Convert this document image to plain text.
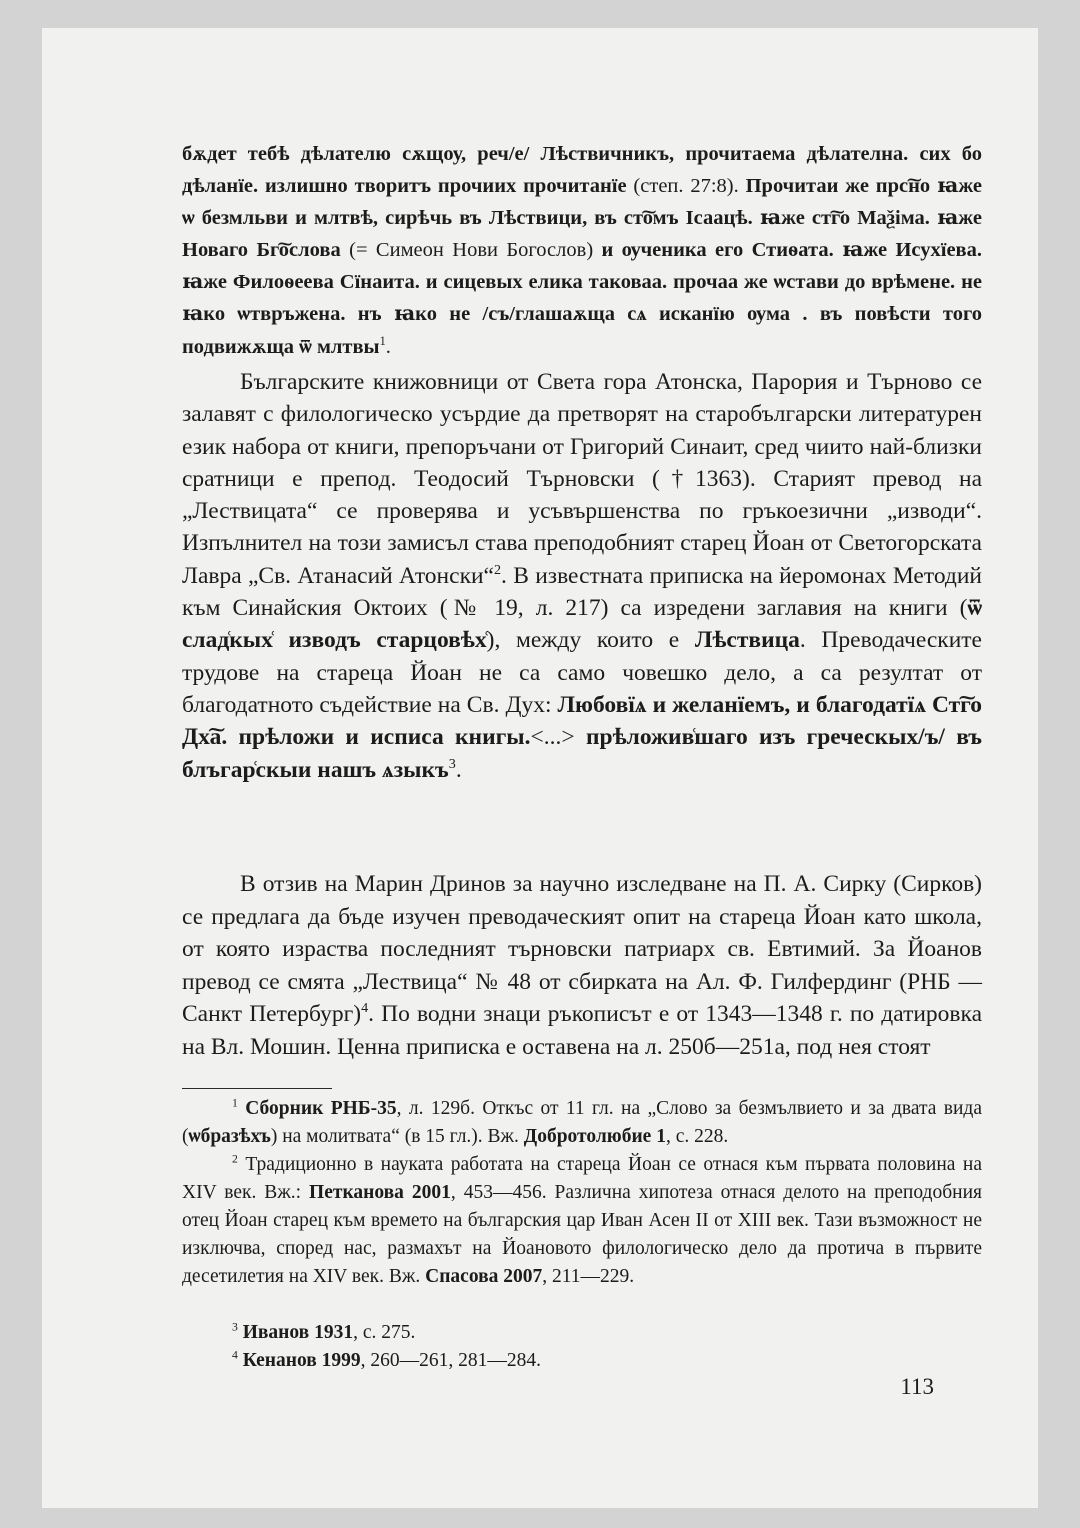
бѫдет тебѣ дѣлателю сѫщоу, реч/е/ Лѣствичникъ, прочитаема дѣлателна. сих бо дѣланїе. излишно творитъ прочиих прочитанїе (степ. 27:8). Прочитаи же прс͠но ꙗже ѡ безмльви и млтвѣ, сирѣчь въ Лѣствици, въ ст͠омъ Ісаацѣ. ꙗже ст͠го Маѯіма. ꙗже Новаго Бг͠ослова (= Симеон Нови Богослов) и ѹченика его Стиѳата. ꙗже Исухїева. ꙗже Филоѳеева Сїнаита. и сицевых елика таковаа. прочаа же ѡстави до врѣмене. не ꙗко ѡтвръжена. нъ ꙗко не /съ/глашаѫща сѧ исканїю ѹма . въ повѣсти того подвижѫща ѿ млтвы$^1$.

Българските книжовници от Света гора Атонска, Парория и Търново се залавят с филологическо усърдие да претворят на старобългарски литературен език набора от книги, препоръчани от Григорий Синаит, сред чиито най-близки сратници е препод. Теодосий Търновски (†1363). Старият превод на „Лествицата“ се проверява и усъвършенства по гръкоезични „изводи“. Изпълнител на този замисъл става преподобният старец Йоан от Светогорската Лавра „Св. Атанасий Атонски“$^2$. В известната приписка на йеромонах Методий към Синайския Октоих (№ 19, л. 217) са изредени заглавия на книги (ѿ слад͑кых͑ изводъ старцовѣх͑), между които е Лѣствица. Преводаческите трудове на стареца Йоан не са само човешко дело, а са резултат от благодатното съдействие на Св. Дух: Любовїѧ и желанїемъ, и благодатїѧ Ст͠го Дх͠а. прѣложи и исписа книгы.<...> прѣложив͑шаго изъ греческых/ъ/ въ блъгар͑скыи нашъ ѧзыкъ$^3$.

В отзив на Марин Дринов за научно изследване на П. А. Сирку (Сирков) се предлага да бъде изучен преводаческият опит на стареца Йоан като школа, от която израства последният търновски патриарх св. Евтимий. За Йоанов превод се смята „Лествица“ № 48 от сбирката на Ал. Ф. Гилфердинг (РНБ — Санкт Петербург)$^4$. По водни знаци ръкописът е от 1343—1348 г. по датировка на Вл. Мошин. Ценна приписка е оставена на л. 250б—251а, под нея стоят

$^1$ Сборник РНБ-35, л. 129б. Откъс от 11 гл. на „Слово за безмълвието и за двата вида (ѡбразѣхъ) на молитвата“ (в 15 гл.). Вж. Добротолюбие 1, с. 228.

$^2$ Традиционно в науката работата на стареца Йоан се отнася към първата половина на XIV век. Вж.: Петканова 2001, 453—456. Различна хипотеза отнася делото на преподобния отец Йоан старец към времето на българския цар Иван Асен II от XIII век. Тази възможност не изключва, според нас, размахът на Йоановото филологическо дело да протича в първите десетилетия на XIV век. Вж. Спасова 2007, 211—229.

$^3$ Иванов 1931, с. 275.

$^4$ Кенанов 1999, 260—261, 281—284.

113
